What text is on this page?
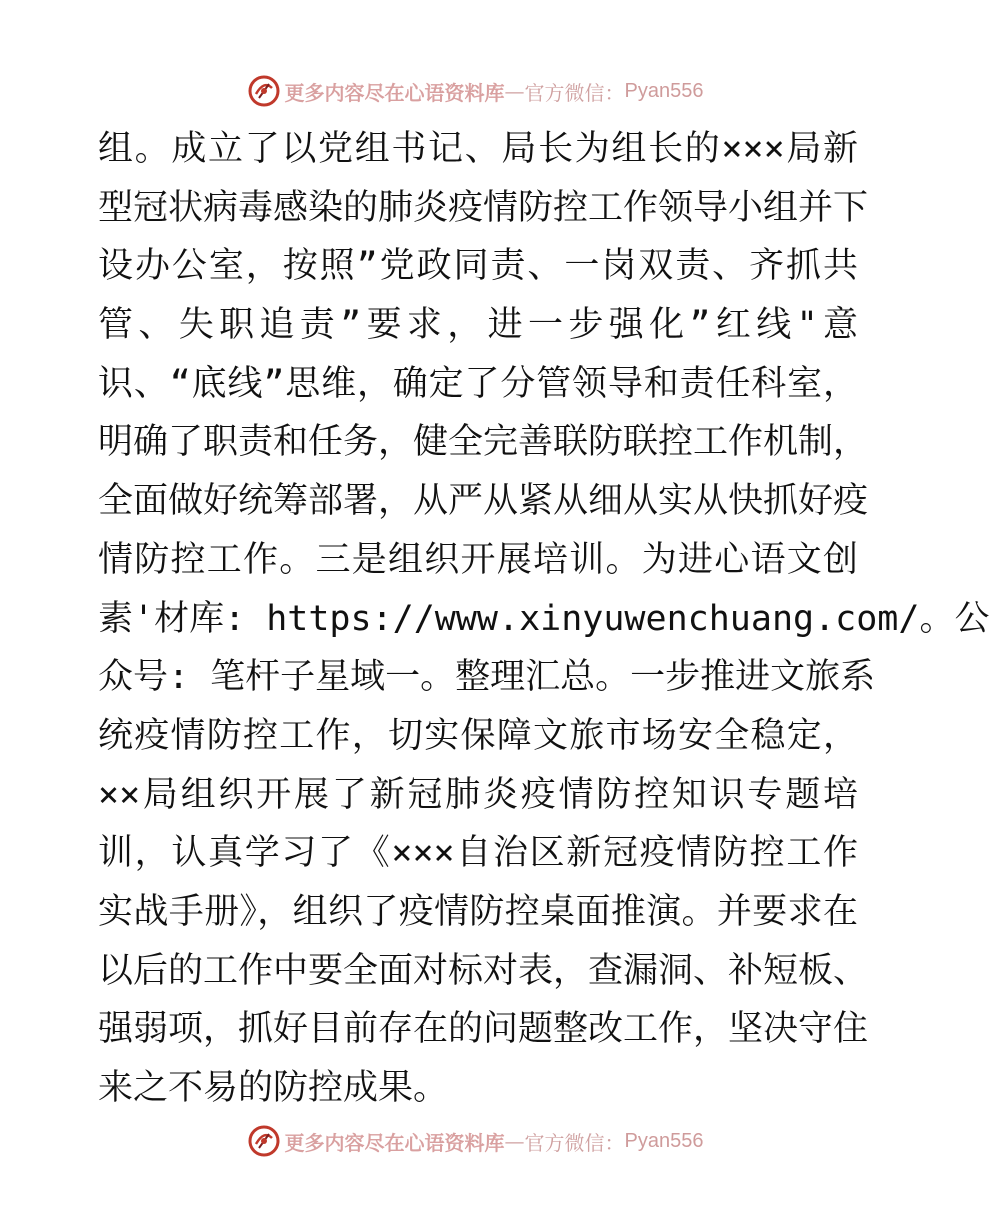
更多内容尽在心语资料库 — 官方微信： Pyan556
组。成立了以党组书记、局长为组长的×××局新
型冠状病毒感染的肺炎疫情防控工作领导小组并下
设办公室，按照”党政同责、一岗双责、齐抓共
管、失职追责”要求，进一步强化”红线"意
识、“底线”思维，确定了分管领导和责任科室，
明确了职责和任务，健全完善联防联控工作机制，
全面做好统筹部署，从严从紧从细从实从快抓好疫
情防控工作。三是组织开展培训。为进心语文创
素'材库: https://www.xinyuwenchuang.com/。公
众号: 笔杆子星域一。整理汇总。一步推进文旅系
统疫情防控工作，切实保障文旅市场安全稳定，
××局组织开展了新冠肺炎疫情防控知识专题培
训，认真学习了《×××自治区新冠疫情防控工作
实战手册》，组织了疫情防控桌面推演。并要求在
以后的工作中要全面对标对表，查漏洞、补短板、
强弱项，抓好目前存在的问题整改工作，坚决守住
来之不易的防控成果。
更多内容尽在心语资料库 — 官方微信： Pyan556
